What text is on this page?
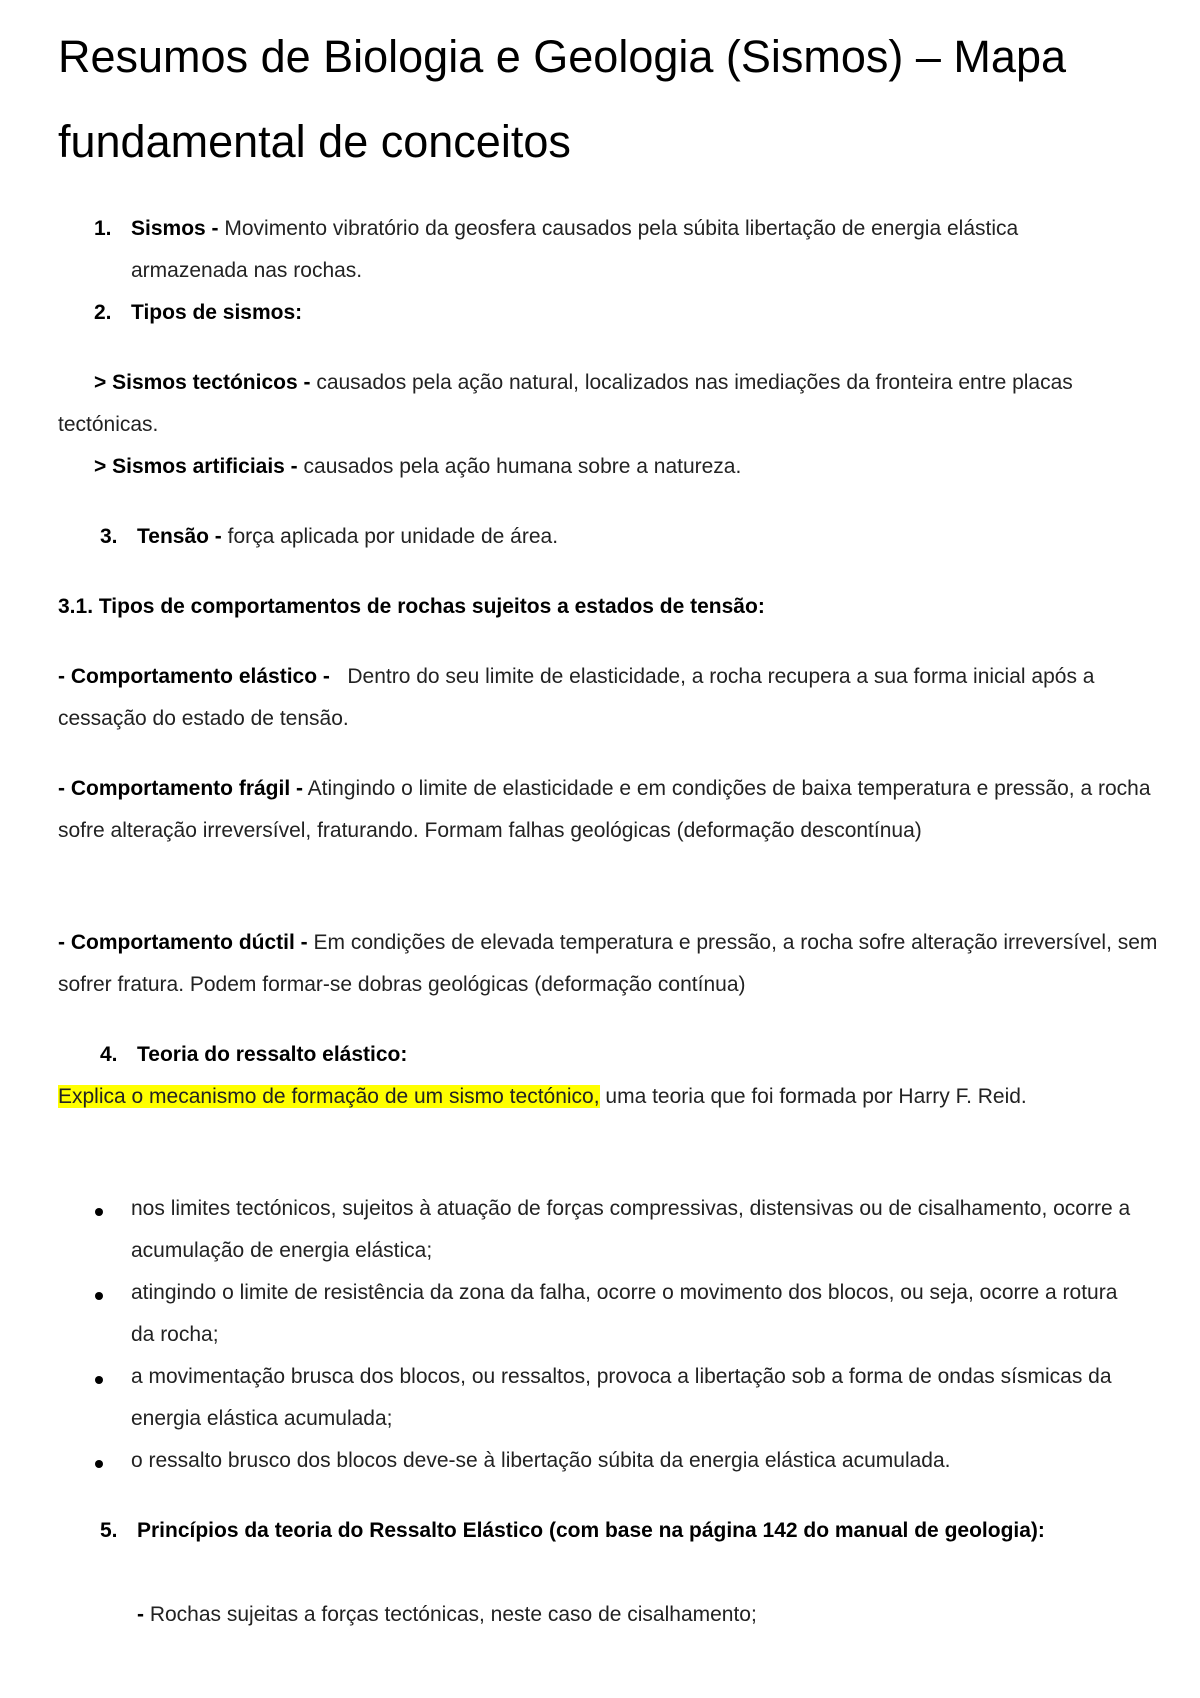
Resumos de Biologia e Geologia (Sismos) – Mapa fundamental de conceitos
1. Sismos - Movimento vibratório da geosfera causados pela súbita libertação de energia elástica armazenada nas rochas.
2. Tipos de sismos:
> Sismos tectónicos - causados pela ação natural, localizados nas imediações da fronteira entre placas tectónicas.
> Sismos artificiais - causados pela ação humana sobre a natureza.
3. Tensão - força aplicada por unidade de área.
3.1. Tipos de comportamentos de rochas sujeitos a estados de tensão:
- Comportamento elástico -   Dentro do seu limite de elasticidade, a rocha recupera a sua forma inicial após a cessação do estado de tensão.
- Comportamento frágil - Atingindo o limite de elasticidade e em condições de baixa temperatura e pressão, a rocha sofre alteração irreversível, fraturando. Formam falhas geológicas (deformação descontínua)
- Comportamento dúctil - Em condições de elevada temperatura e pressão, a rocha sofre alteração irreversível, sem sofrer fratura. Podem formar-se dobras geológicas (deformação contínua)
4. Teoria do ressalto elástico:
Explica o mecanismo de formação de um sismo tectónico, uma teoria que foi formada por Harry F. Reid.
nos limites tectónicos, sujeitos à atuação de forças compressivas, distensivas ou de cisalhamento, ocorre a acumulação de energia elástica;
atingindo o limite de resistência da zona da falha, ocorre o movimento dos blocos, ou seja, ocorre a rotura da rocha;
a movimentação brusca dos blocos, ou ressaltos, provoca a libertação sob a forma de ondas sísmicas da energia elástica acumulada;
o ressalto brusco dos blocos deve-se à libertação súbita da energia elástica acumulada.
5. Princípios da teoria do Ressalto Elástico (com base na página 142 do manual de geologia):
- Rochas sujeitas a forças tectónicas, neste caso de cisalhamento;
